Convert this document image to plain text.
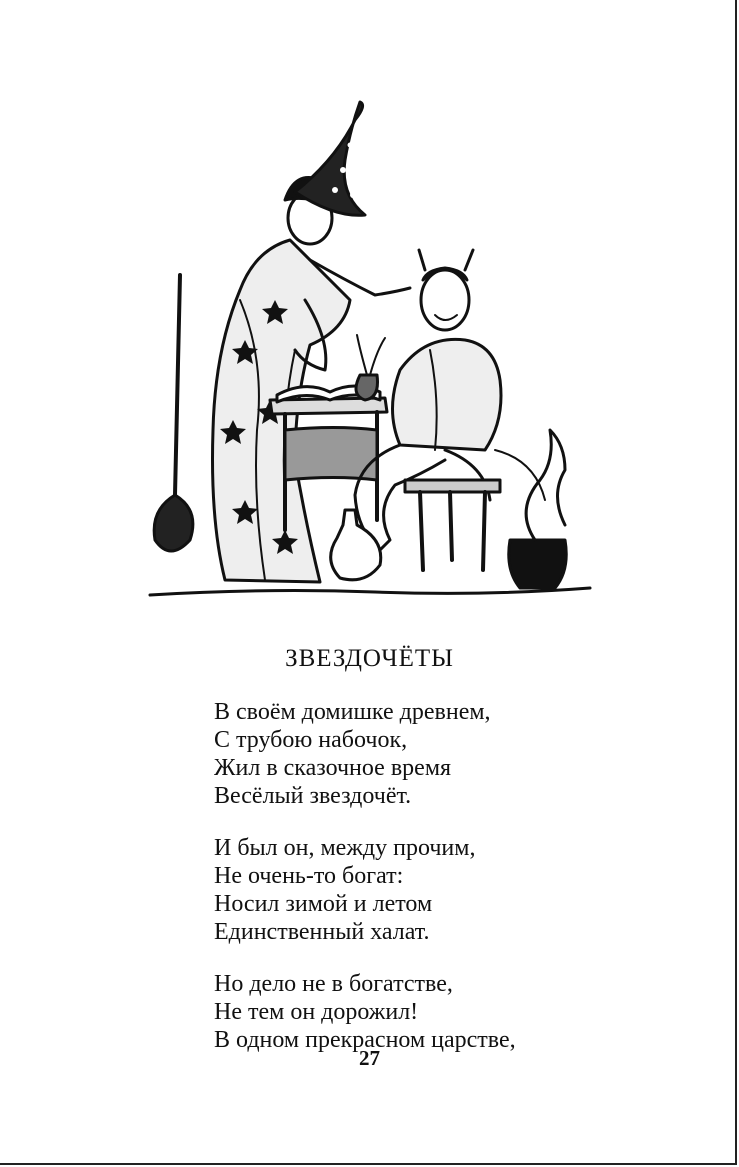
ЗВЕЗДОЧЁТЫ
В своём домишке древнем,
С трубою набочок,
Жил в сказочное время
Весёлый звездочёт.
И был он, между прочим,
Не очень-то богат:
Носил зимой и летом
Единственный халат.
Но дело не в богатстве,
Не тем он дорожил!
В одном прекрасном царстве,
27
